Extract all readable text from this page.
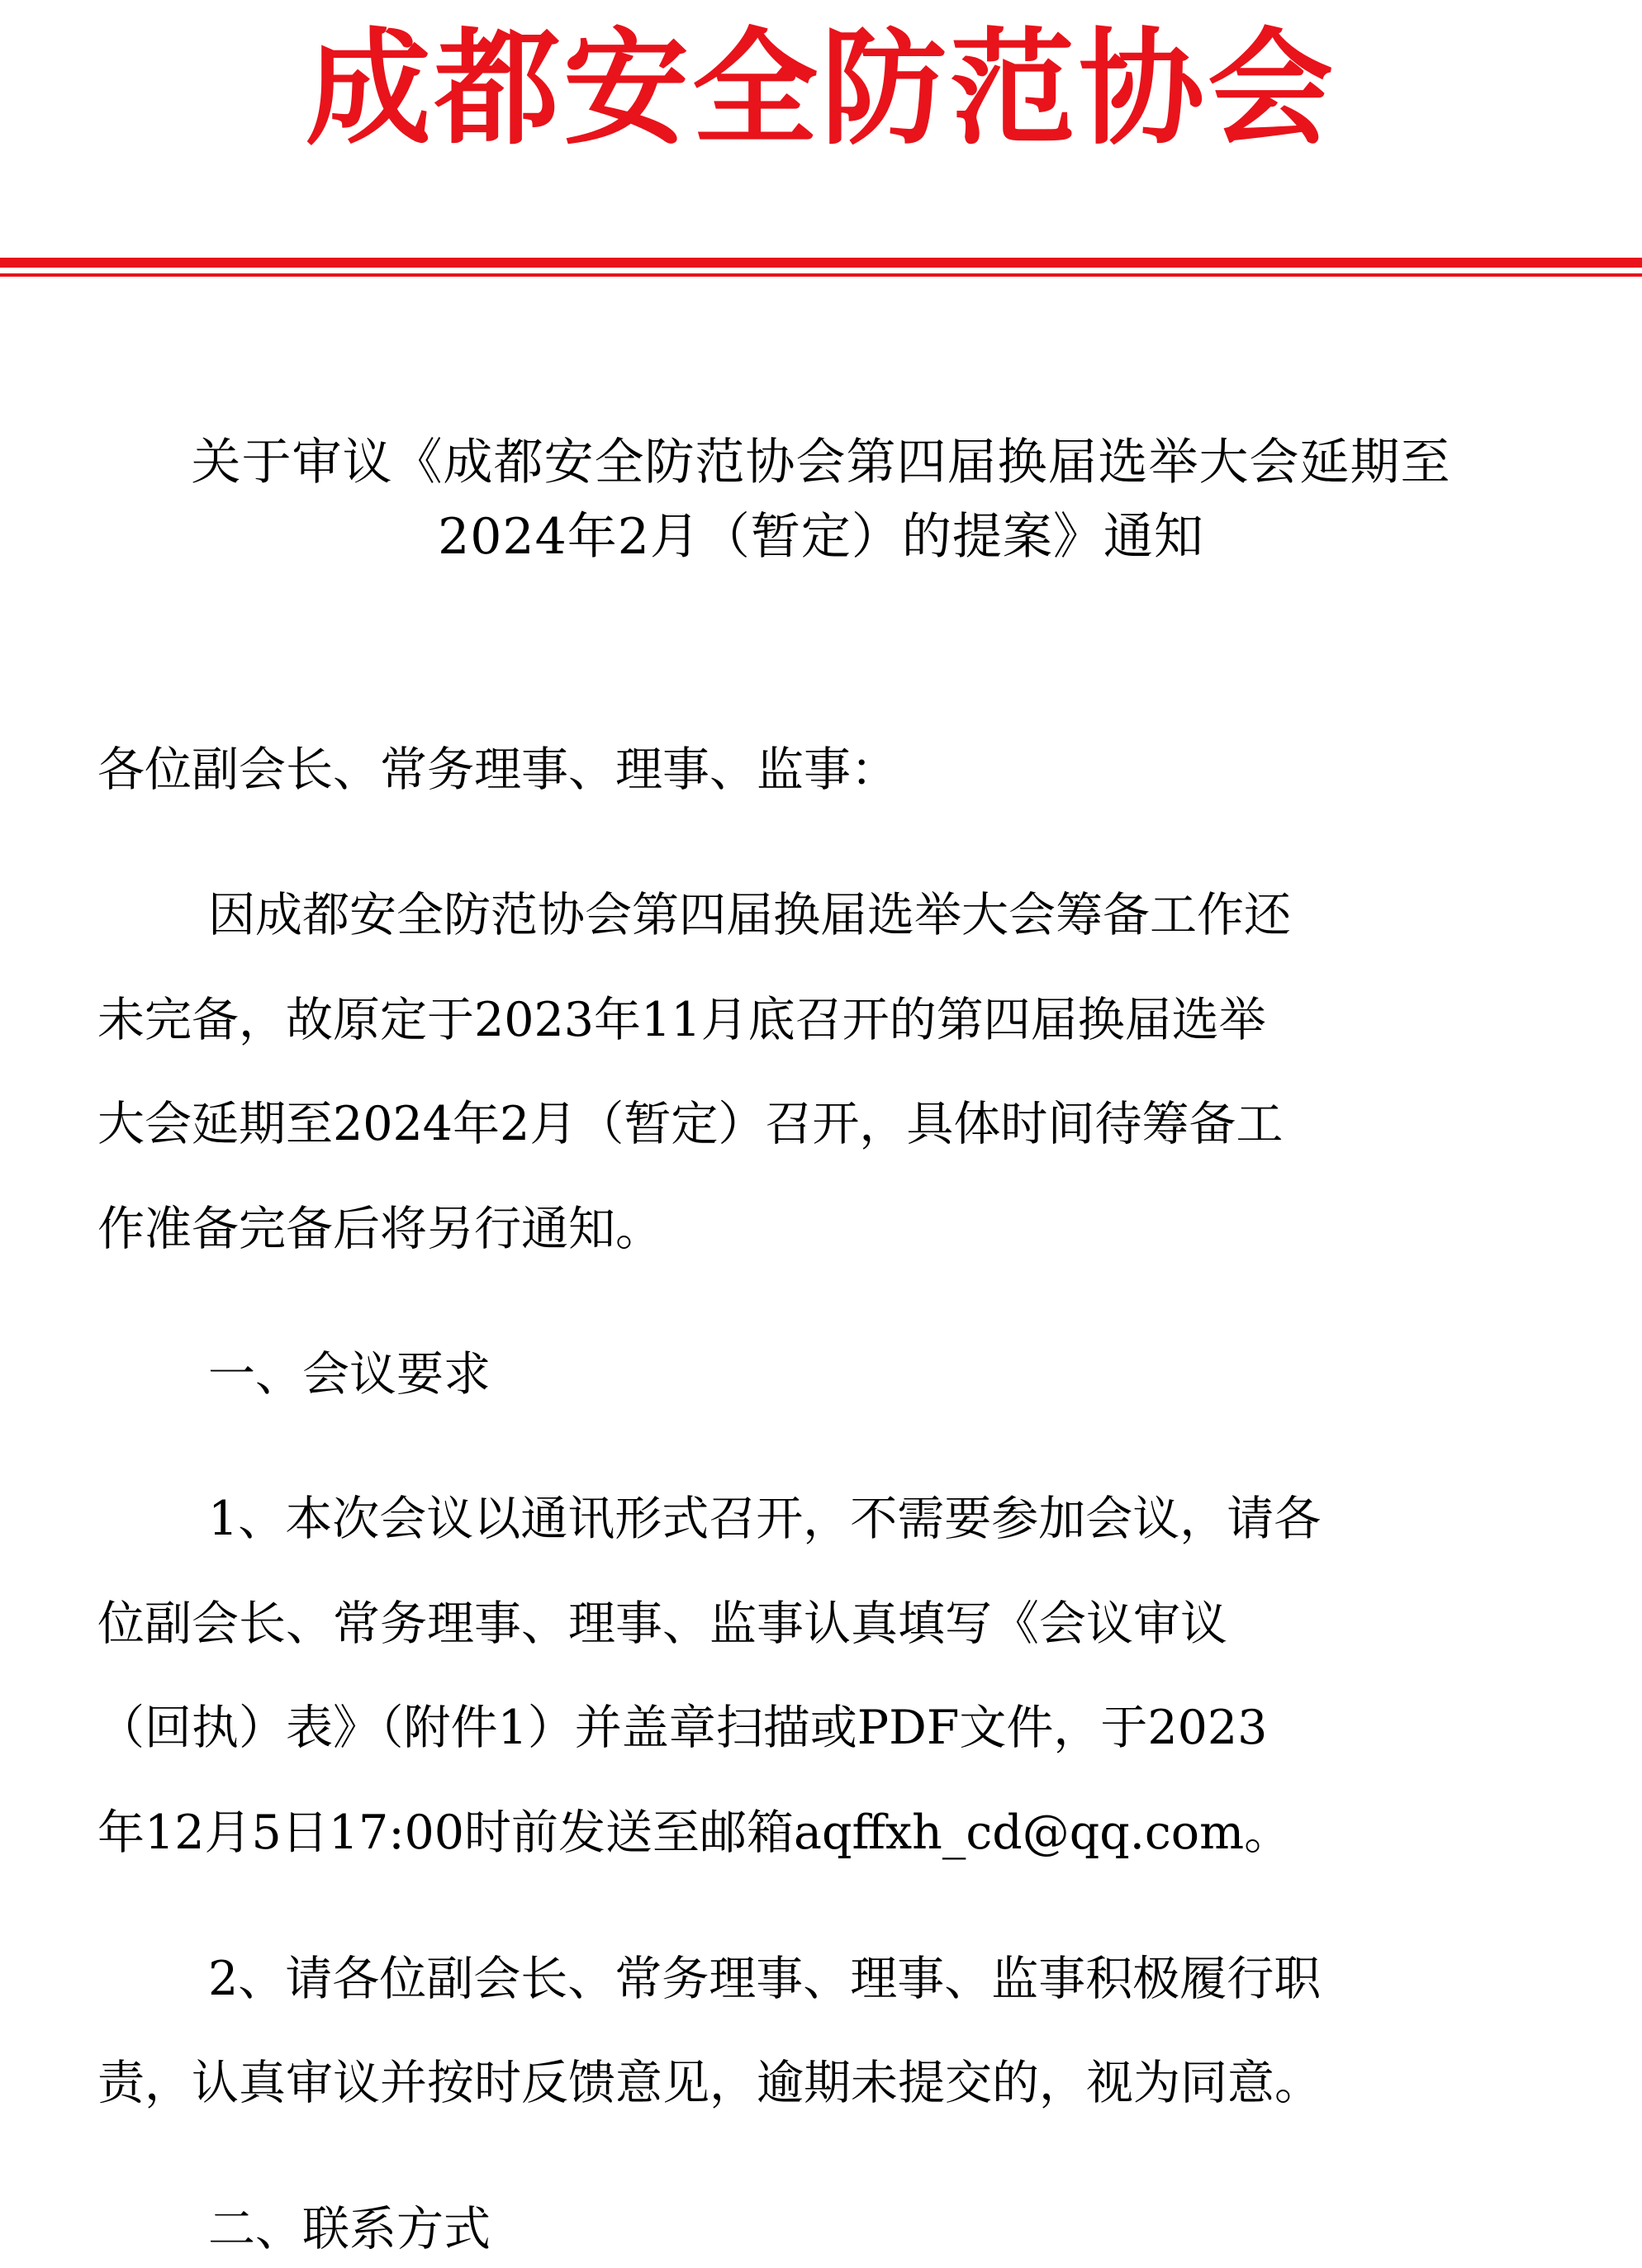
成都安全防范协会
关于审议《成都安全防范协会第四届换届选举大会延期至
2024年2月（暂定）的提案》通知
各位副会长、常务理事、理事、监事：
因成都安全防范协会第四届换届选举大会筹备工作还
未完备，故原定于2023年11月底召开的第四届换届选举
大会延期至2024年2月（暂定）召开，具体时间待筹备工
作准备完备后将另行通知。
一、会议要求
1、本次会议以通讯形式召开，不需要参加会议，请各
位副会长、常务理事、理事、监事认真填写《会议审议
（回执）表》（附件1）并盖章扫描或PDF文件，于2023
年12月5日17:00时前发送至邮箱aqffxh_cd@qq.com。
2、请各位副会长、常务理事、理事、监事积极履行职
责，认真审议并按时反馈意见，逾期未提交的，视为同意。
二、联系方式
